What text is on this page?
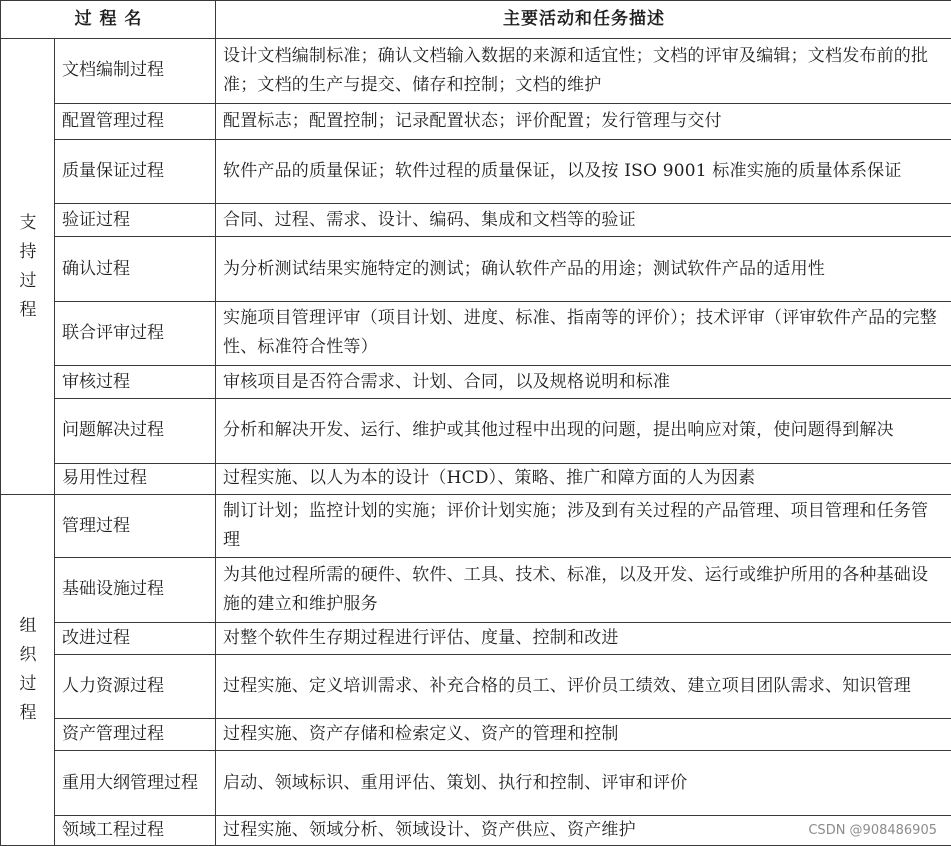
过 程 名		主要活动和任务描述

支持过程	文档编制过程	设计文档编制标准；确认文档输入数据的来源和适宜性；文档的评审及编辑；文档发布前的批准；文档的生产与提交、储存和控制；文档的维护
	配置管理过程	配置标志；配置控制；记录配置状态；评价配置；发行管理与交付
	质量保证过程	软件产品的质量保证；软件过程的质量保证，以及按 ISO 9001 标准实施的质量体系保证
	验证过程	合同、过程、需求、设计、编码、集成和文档等的验证
	确认过程	为分析测试结果实施特定的测试；确认软件产品的用途；测试软件产品的适用性
	联合评审过程	实施项目管理评审（项目计划、进度、标准、指南等的评价）；技术评审（评审软件产品的完整性、标准符合性等）
	审核过程	审核项目是否符合需求、计划、合同，以及规格说明和标准
	问题解决过程	分析和解决开发、运行、维护或其他过程中出现的问题，提出响应对策，使问题得到解决
	易用性过程	过程实施、以人为本的设计（HCD）、策略、推广和障方面的人为因素

组织过程	管理过程	制订计划；监控计划的实施；评价计划实施；涉及到有关过程的产品管理、项目管理和任务管理
	基础设施过程	为其他过程所需的硬件、软件、工具、技术、标准，以及开发、运行或维护所用的各种基础设施的建立和维护服务
	改进过程	对整个软件生存期过程进行评估、度量、控制和改进
	人力资源过程	过程实施、定义培训需求、补充合格的员工、评价员工绩效、建立项目团队需求、知识管理
	资产管理过程	过程实施、资产存储和检索定义、资产的管理和控制
	重用大纲管理过程	启动、领域标识、重用评估、策划、执行和控制、评审和评价
	领域工程过程	过程实施、领域分析、领域设计、资产供应、资产维护	CSDN @908486905
